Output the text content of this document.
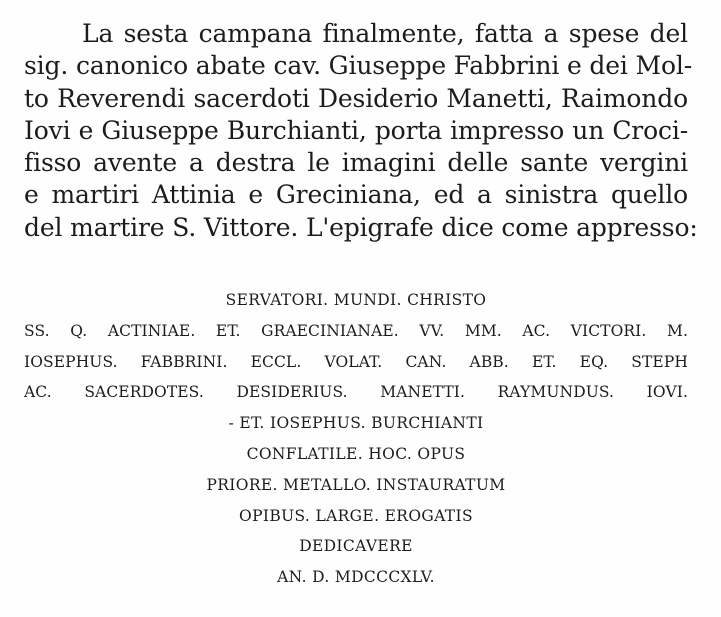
La sesta campana finalmente, fatta a spese del
sig. canonico abate cav. Giuseppe Fabbrini e dei Mol-
to Reverendi sacerdoti Desiderio Manetti, Raimondo
Iovi e Giuseppe Burchianti, porta impresso un Croci-
fisso avente a destra le imagini delle sante vergini
e martiri Attinia e Greciniana, ed a sinistra quello
del martire S. Vittore. L'epigrafe dice come appresso:
SERVATORI. MUNDI. CHRISTO
SS. Q. ACTINIAE. ET. GRAECINIANAE. VV. MM. AC. VICTORI. M.
IOSEPHUS. FABBRINI. ECCL. VOLAT. CAN. ABB. ET. EQ. STEPH
AC. SACERDOTES. DESIDERIUS. MANETTI. RAYMUNDUS. IOVI.
- ET. IOSEPHUS. BURCHIANTI
CONFLATILE. HOC. OPUS
PRIORE. METALLO. INSTAURATUM
OPIBUS. LARGE. EROGATIS
DEDICAVERE
AN. D. MDCCCXLV.
